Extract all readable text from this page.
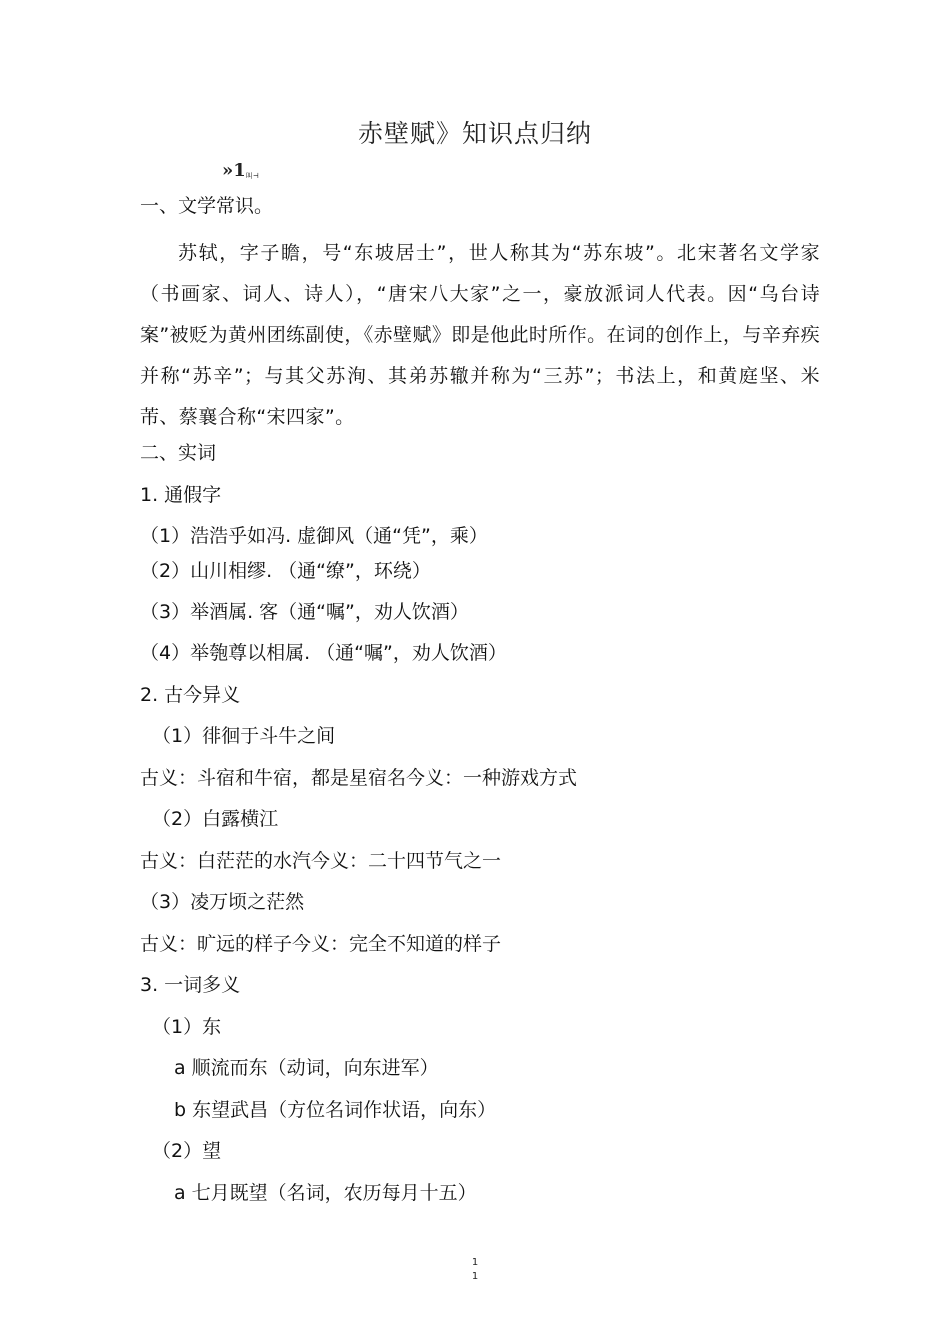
赤壁赋》知识点归纳
»1叫⊣
一、文学常识。
苏轼，字子瞻，号“东坡居士”，世人称其为“苏东坡”。北宋著名文学家（书画家、词人、诗人），“唐宋八大家”之一，豪放派词人代表。因“乌台诗案”被贬为黄州团练副使，《赤壁赋》即是他此时所作。在词的创作上，与辛弃疾并称“苏辛”；与其父苏洵、其弟苏辙并称为“三苏”；书法上，和黄庭坚、米芾、蔡襄合称“宋四家”。
二、实词
1. 通假字
（1）浩浩乎如冯. 虚御风（通“凭”，乘）
（2）山川相缪. （通“缭”，环绕）
（3）举酒属. 客（通“嘱”，劝人饮酒）
（4）举匏尊以相属. （通“嘱”，劝人饮酒）
2. 古今异义
（1）徘徊于斗牛之间
古义：斗宿和牛宿，都是星宿名今义：一种游戏方式
（2）白露横江
古义：白茫茫的水汽今义：二十四节气之一
（3）凌万顷之茫然
古义：旷远的样子今义：完全不知道的样子
3. 一词多义
（1）东
a 顺流而东（动词，向东进军）
b 东望武昌（方位名词作状语，向东）
（2）望
a 七月既望（名词，农历每月十五）
1
1
